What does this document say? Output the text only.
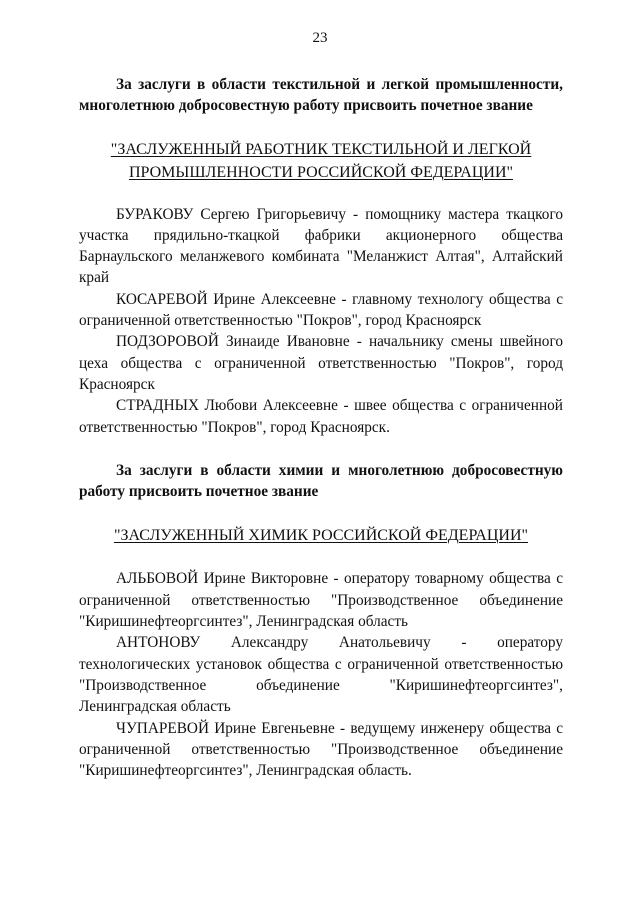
23

За заслуги в области текстильной и легкой промышленности, многолетнюю добросовестную работу присвоить почетное звание

"ЗАСЛУЖЕННЫЙ РАБОТНИК ТЕКСТИЛЬНОЙ И ЛЕГКОЙ
ПРОМЫШЛЕННОСТИ РОССИЙСКОЙ ФЕДЕРАЦИИ"

БУРАКОВУ Сергею Григорьевичу - помощнику мастера ткацкого участка прядильно-ткацкой фабрики акционерного общества Барнаульского меланжевого комбината "Меланжист Алтая", Алтайский край

КОСАРЕВОЙ Ирине Алексеевне - главному технологу общества с ограниченной ответственностью "Покров", город Красноярск

ПОДЗОРОВОЙ Зинаиде Ивановне - начальнику смены швейного цеха общества с ограниченной ответственностью "Покров", город Красноярск

СТРАДНЫХ Любови Алексеевне - швее общества с ограниченной ответственностью "Покров", город Красноярск.

За заслуги в области химии и многолетнюю добросовестную работу присвоить почетное звание

"ЗАСЛУЖЕННЫЙ ХИМИК РОССИЙСКОЙ ФЕДЕРАЦИИ"

АЛЬБОВОЙ Ирине Викторовне - оператору товарному общества с ограниченной ответственностью "Производственное объединение "Киришинефтеоргсинтез", Ленинградская область

АНТОНОВУ Александру Анатольевичу - оператору технологических установок общества с ограниченной ответственностью "Производственное объединение "Киришинефтеоргсинтез", Ленинградская область

ЧУПАРЕВОЙ Ирине Евгеньевне - ведущему инженеру общества с ограниченной ответственностью "Производственное объединение "Киришинефтеоргсинтез", Ленинградская область.
